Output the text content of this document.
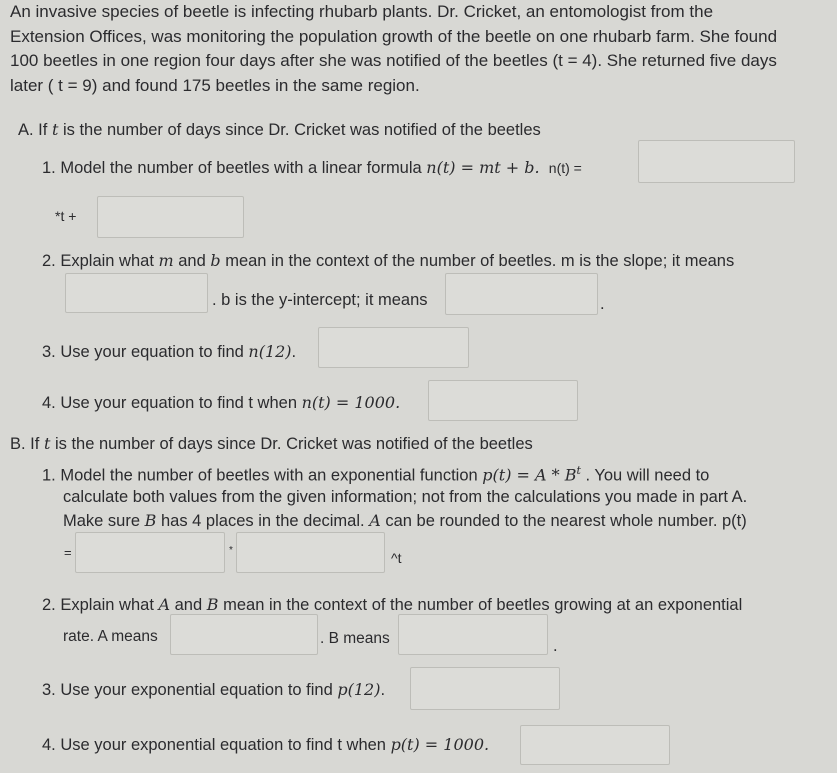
An invasive species of beetle is infecting rhubarb plants. Dr. Cricket, an entomologist from the
Extension Offices, was monitoring the population growth of the beetle on one rhubarb farm. She found
100 beetles in one region four days after she was notified of the beetles (t = 4). She returned five days
later ( t = 9) and found 175 beetles in the same region.
A. If t is the number of days since Dr. Cricket was notified of the beetles
1. Model the number of beetles with a linear formula n(t) = mt + b. n(t) =
*t +
2. Explain what m and b mean in the context of the number of beetles. m is the slope; it means
. b is the y-intercept; it means	.
3. Use your equation to find n(12).
4. Use your equation to find t when n(t) = 1000.
B. If t is the number of days since Dr. Cricket was notified of the beetles
1. Model the number of beetles with an exponential function $p(t) = A * B^t$ . You will need to
calculate both values from the given information; not from the calculations you made in part A.
Make sure B has 4 places in the decimal. A can be rounded to the nearest whole number. p(t)
=	*	^t
2. Explain what A and B mean in the context of the number of beetles growing at an exponential
rate. A means	. B means	.
3. Use your exponential equation to find p(12).
4. Use your exponential equation to find t when p(t) = 1000.
